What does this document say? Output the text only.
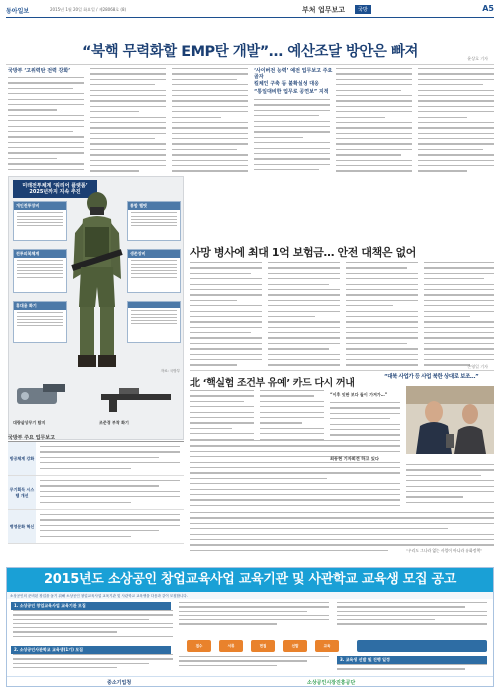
동아일보	2015년 1월 20일 화요일 / 제28068호 (8)	부처 업무보고	국방	A5
“북핵 무력화할 EMP탄 개발”… 예산조달 방안은 빠져	윤상호 기자
국방부 ‘고위력탄 전력 강화’	‘사이버전 능력’ 예전 업무보고 주요골자
킬체인 구축 등 불확실성 대응
“통일대비한 업무로 공연보” 지적
미래전투체계 ‘워리어 플랫폼’ 2025년까지 지속 추진
개인전투장비	통합 헬멧
전투피복체계	생존장비
휴대용 화기
자료: 국방부
대량살상무기 탐지	조준경 부착 화기
국방부 주요 업무보고
방공체계 강화
무기획득 시스템 개선
병영문화 혁신
사망 병사에 최대 1억 보험금… 안전 대책은 없어
손영일 기자
北 ‘핵실험 조건부 유예’ 카드 다시 꺼내
“대북 사업가 등 사업 북한 상대로 보조…”
최동현 기자회견 하고 있다
“이후 잇딴 보다 들이 가져가…”
“우리도 그나라 없는 사업이 아니라 유화정책”
2015년도 소상공인 창업교육사업 교육기관 및 사관학교 교육생 모집 공고
소상공인의 준비된 창업을 돕기 위해 소상공인 창업교육사업 교육기관 및 사관학교 교육생을 다음과 같이 모집합니다.
1. 소상공인 창업교육사업 교육기관 모집
2. 소상공인사관학교 교육생(1기) 모집
접수	서류	면접	선발	교육
3. 교육생 선발 및 진행 일정
중소기업청	소상공인시장진흥공단
